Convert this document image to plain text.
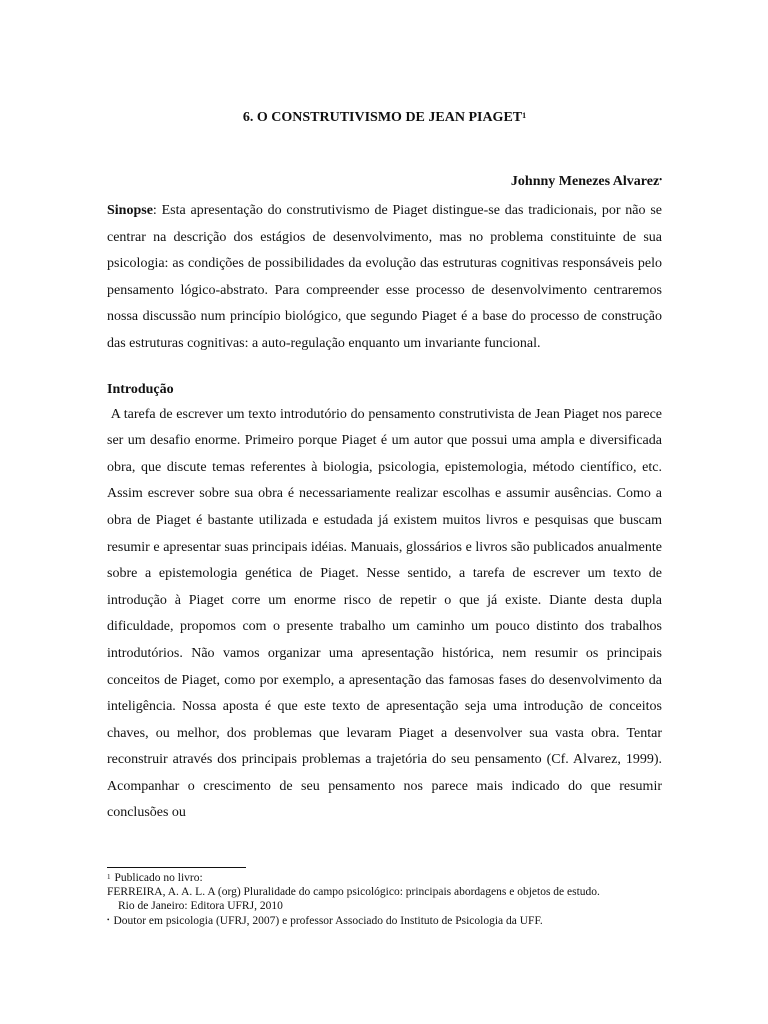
6. O CONSTRUTIVISMO DE JEAN PIAGET$^1$

Johnny Menezes Alvarez•

Sinopse: Esta apresentação do construtivismo de Piaget distingue-se das tradicionais, por não se centrar na descrição dos estágios de desenvolvimento, mas no problema constituinte de sua psicologia: as condições de possibilidades da evolução das estruturas cognitivas responsáveis pelo pensamento lógico-abstrato. Para compreender esse processo de desenvolvimento centraremos nossa discussão num princípio biológico, que segundo Piaget é a base do processo de construção das estruturas cognitivas: a auto-regulação enquanto um invariante funcional.

Introdução

A tarefa de escrever um texto introdutório do pensamento construtivista de Jean Piaget nos parece ser um desafio enorme. Primeiro porque Piaget é um autor que possui uma ampla e diversificada obra, que discute temas referentes à biologia, psicologia, epistemologia, método científico, etc. Assim escrever sobre sua obra é necessariamente realizar escolhas e assumir ausências. Como a obra de Piaget é bastante utilizada e estudada já existem muitos livros e pesquisas que buscam resumir e apresentar suas principais idéias. Manuais, glossários e livros são publicados anualmente sobre a epistemologia genética de Piaget. Nesse sentido, a tarefa de escrever um texto de introdução à Piaget corre um enorme risco de repetir o que já existe. Diante desta dupla dificuldade, propomos com o presente trabalho um caminho um pouco distinto dos trabalhos introdutórios. Não vamos organizar uma apresentação histórica, nem resumir os principais conceitos de Piaget, como por exemplo, a apresentação das famosas fases do desenvolvimento da inteligência. Nossa aposta é que este texto de apresentação seja uma introdução de conceitos chaves, ou melhor, dos problemas que levaram Piaget a desenvolver sua vasta obra. Tentar reconstruir através dos principais problemas a trajetória do seu pensamento (Cf. Alvarez, 1999). Acompanhar o crescimento de seu pensamento nos parece mais indicado do que resumir conclusões ou

$^1$ Publicado no livro:

FERREIRA, A. A. L. A (org) Pluralidade do campo psicológico: principais abordagens e objetos de estudo.

Rio de Janeiro: Editora UFRJ, 2010

• Doutor em psicologia (UFRJ, 2007) e professor Associado do Instituto de Psicologia da UFF.
